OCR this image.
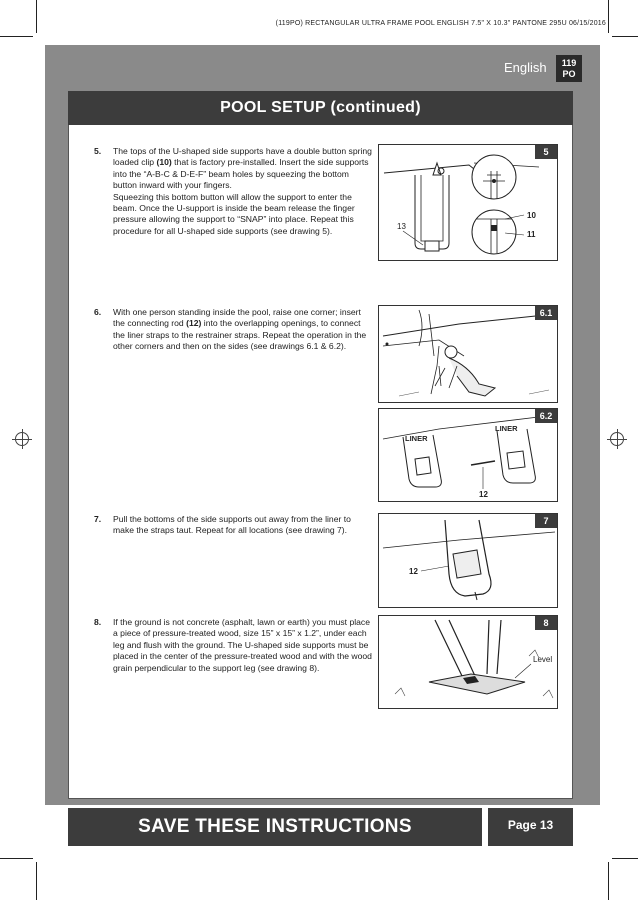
(119PO) RECTANGULAR ULTRA FRAME POOL ENGLISH 7.5" X 10.3" PANTONE 295U 06/15/2016
English	119
PO
POOL SETUP (continued)
5. The tops of the U-shaped side supports have a double button spring loaded clip (10) that is factory pre-installed. Insert the side supports into the “A-B-C & D-E-F” beam holes by squeezing the bottom button inward with your fingers.
Squeezing this bottom button will allow the support to enter the beam. Once the U-support is inside the beam release the finger pressure allowing the support to “SNAP” into place. Repeat this procedure for all U-shaped side supports (see drawing 5).
6. With one person standing inside the pool, raise one corner; insert the connecting rod (12) into the overlapping openings, to connect the liner straps to the restrainer straps. Repeat the operation in the other corners and then on the sides (see drawings 6.1 & 6.2).
7. Pull the bottoms of the side supports out away from the liner to make the straps taut. Repeat for all locations (see drawing 7).
8. If the ground is not concrete (asphalt, lawn or earth) you must place a piece of pressure-treated wood, size 15” x 15” x 1.2”, under each leg and flush with the ground. The U-shaped side supports must be placed in the center of the pressure-treated wood and with the wood grain perpendicular to the support leg (see drawing 8).
13
10
11
5
6.1
LINER
LINER
12
6.2
12
7
Level
8
SAVE THESE INSTRUCTIONS	Page 13
